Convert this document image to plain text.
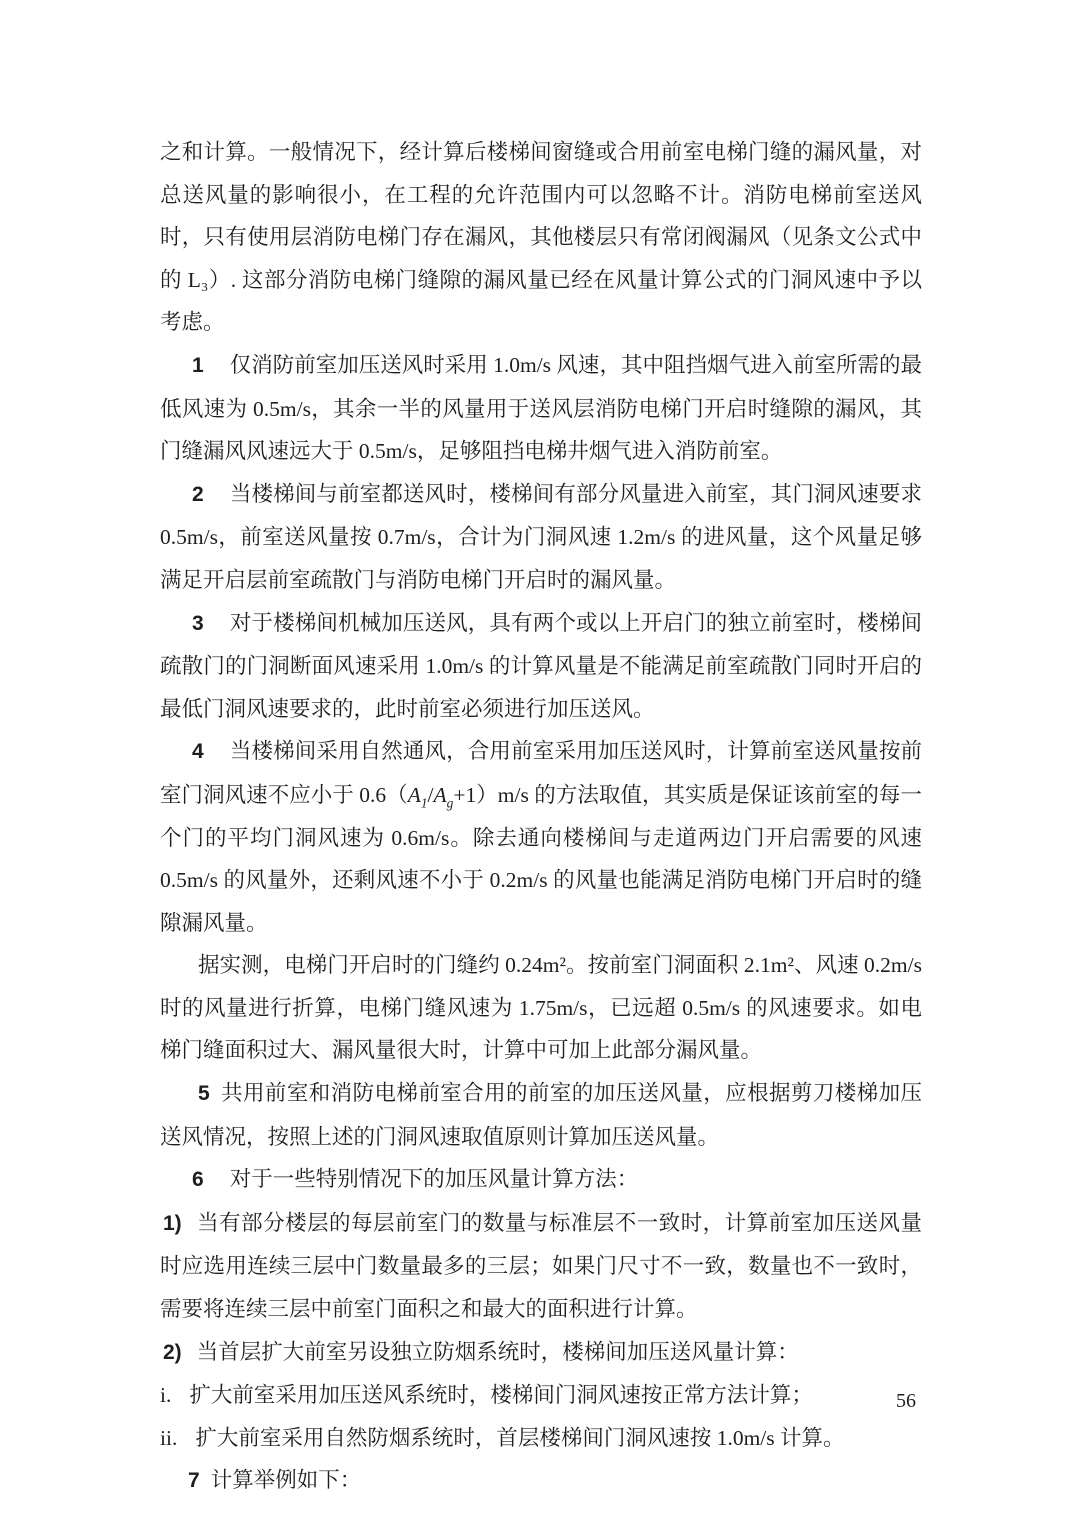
之和计算。一般情况下，经计算后楼梯间窗缝或合用前室电梯门缝的漏风量，对总送风量的影响很小，在工程的允许范围内可以忽略不计。消防电梯前室送风时，只有使用层消防电梯门存在漏风，其他楼层只有常闭阀漏风（见条文公式中的 L₃）. 这部分消防电梯门缝隙的漏风量已经在风量计算公式的门洞风速中予以考虑。

1 仅消防前室加压送风时采用 1.0m/s 风速，其中阻挡烟气进入前室所需的最低风速为 0.5m/s，其余一半的风量用于送风层消防电梯门开启时缝隙的漏风，其门缝漏风风速远大于 0.5m/s，足够阻挡电梯井烟气进入消防前室。

2 当楼梯间与前室都送风时，楼梯间有部分风量进入前室，其门洞风速要求 0.5m/s，前室送风量按 0.7m/s，合计为门洞风速 1.2m/s 的进风量，这个风量足够满足开启层前室疏散门与消防电梯门开启时的漏风量。

3 对于楼梯间机械加压送风，具有两个或以上开启门的独立前室时，楼梯间疏散门的门洞断面风速采用 1.0m/s 的计算风量是不能满足前室疏散门同时开启的最低门洞风速要求的，此时前室必须进行加压送风。

4 当楼梯间采用自然通风，合用前室采用加压送风时，计算前室送风量按前室门洞风速不应小于 $0.6(A_1/A_g+1)m/s$ 的方法取值，其实质是保证该前室的每一个门的平均门洞风速为 0.6m/s。除去通向楼梯间与走道两边门开启需要的风速 0.5m/s 的风量外，还剩风速不小于 0.2m/s 的风量也能满足消防电梯门开启时的缝隙漏风量。

据实测，电梯门开启时的门缝约 0.24m²。按前室门洞面积 2.1m²、风速 0.2m/s 时的风量进行折算，电梯门缝风速为 1.75m/s，已远超 0.5m/s 的风速要求。如电梯门缝面积过大、漏风量很大时，计算中可加上此部分漏风量。

5 共用前室和消防电梯前室合用的前室的加压送风量，应根据剪刀楼梯加压送风情况，按照上述的门洞风速取值原则计算加压送风量。

6 对于一些特别情况下的加压风量计算方法：

1) 当有部分楼层的每层前室门的数量与标准层不一致时，计算前室加压送风量时应选用连续三层中门数量最多的三层；如果门尺寸不一致，数量也不一致时，需要将连续三层中前室门面积之和最大的面积进行计算。

2) 当首层扩大前室另设独立防烟系统时，楼梯间加压送风量计算：

i. 扩大前室采用加压送风系统时，楼梯间门洞风速按正常方法计算；

ii. 扩大前室采用自然防烟系统时，首层楼梯间门洞风速按 1.0m/s 计算。

7 计算举例如下：

56
